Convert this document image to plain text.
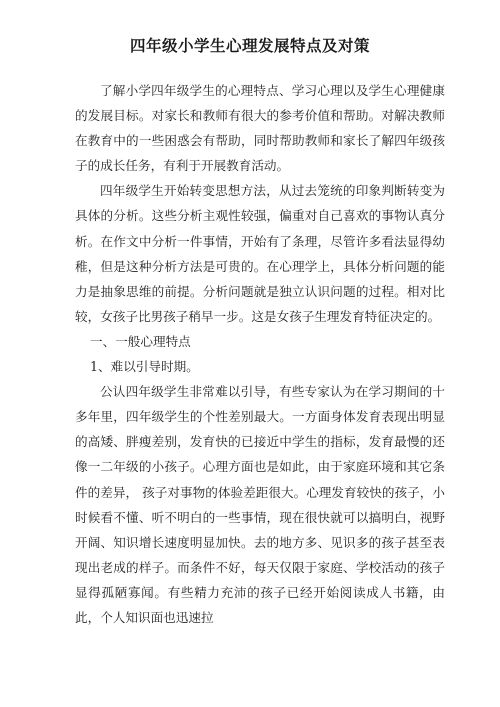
四年级小学生心理发展特点及对策

了解小学四年级学生的心理特点、学习心理以及学生心理健康的发展目标。对家长和教师有很大的参考价值和帮助。对解决教师在教育中的一些困惑会有帮助，同时帮助教师和家长了解四年级孩子的成长任务，有利于开展教育活动。

四年级学生开始转变思想方法，从过去笼统的印象判断转变为具体的分析。这些分析主观性较强，偏重对自己喜欢的事物认真分析。在作文中分析一件事情，开始有了条理，尽管许多看法显得幼稚，但是这种分析方法是可贵的。在心理学上，具体分析问题的能力是抽象思维的前提。分析问题就是独立认识问题的过程。相对比较，女孩子比男孩子稍早一步。这是女孩子生理发育特征决定的。

一、一般心理特点

1、难以引导时期。

公认四年级学生非常难以引导，有些专家认为在学习期间的十多年里，四年级学生的个性差别最大。一方面身体发育表现出明显的高矮、胖瘦差别，发育快的已接近中学生的指标，发育最慢的还像一二年级的小孩子。心理方面也是如此，由于家庭环境和其它条件的差异， 孩子对事物的体验差距很大。心理发育较快的孩子，小时候看不懂、听不明白的一些事情，现在很快就可以搞明白，视野开阔、知识增长速度明显加快。去的地方多、见识多的孩子甚至表现出老成的样子。而条件不好，每天仅限于家庭、学校活动的孩子显得孤陋寡闻。有些精力充沛的孩子已经开始阅读成人书籍，由此，个人知识面也迅速拉
